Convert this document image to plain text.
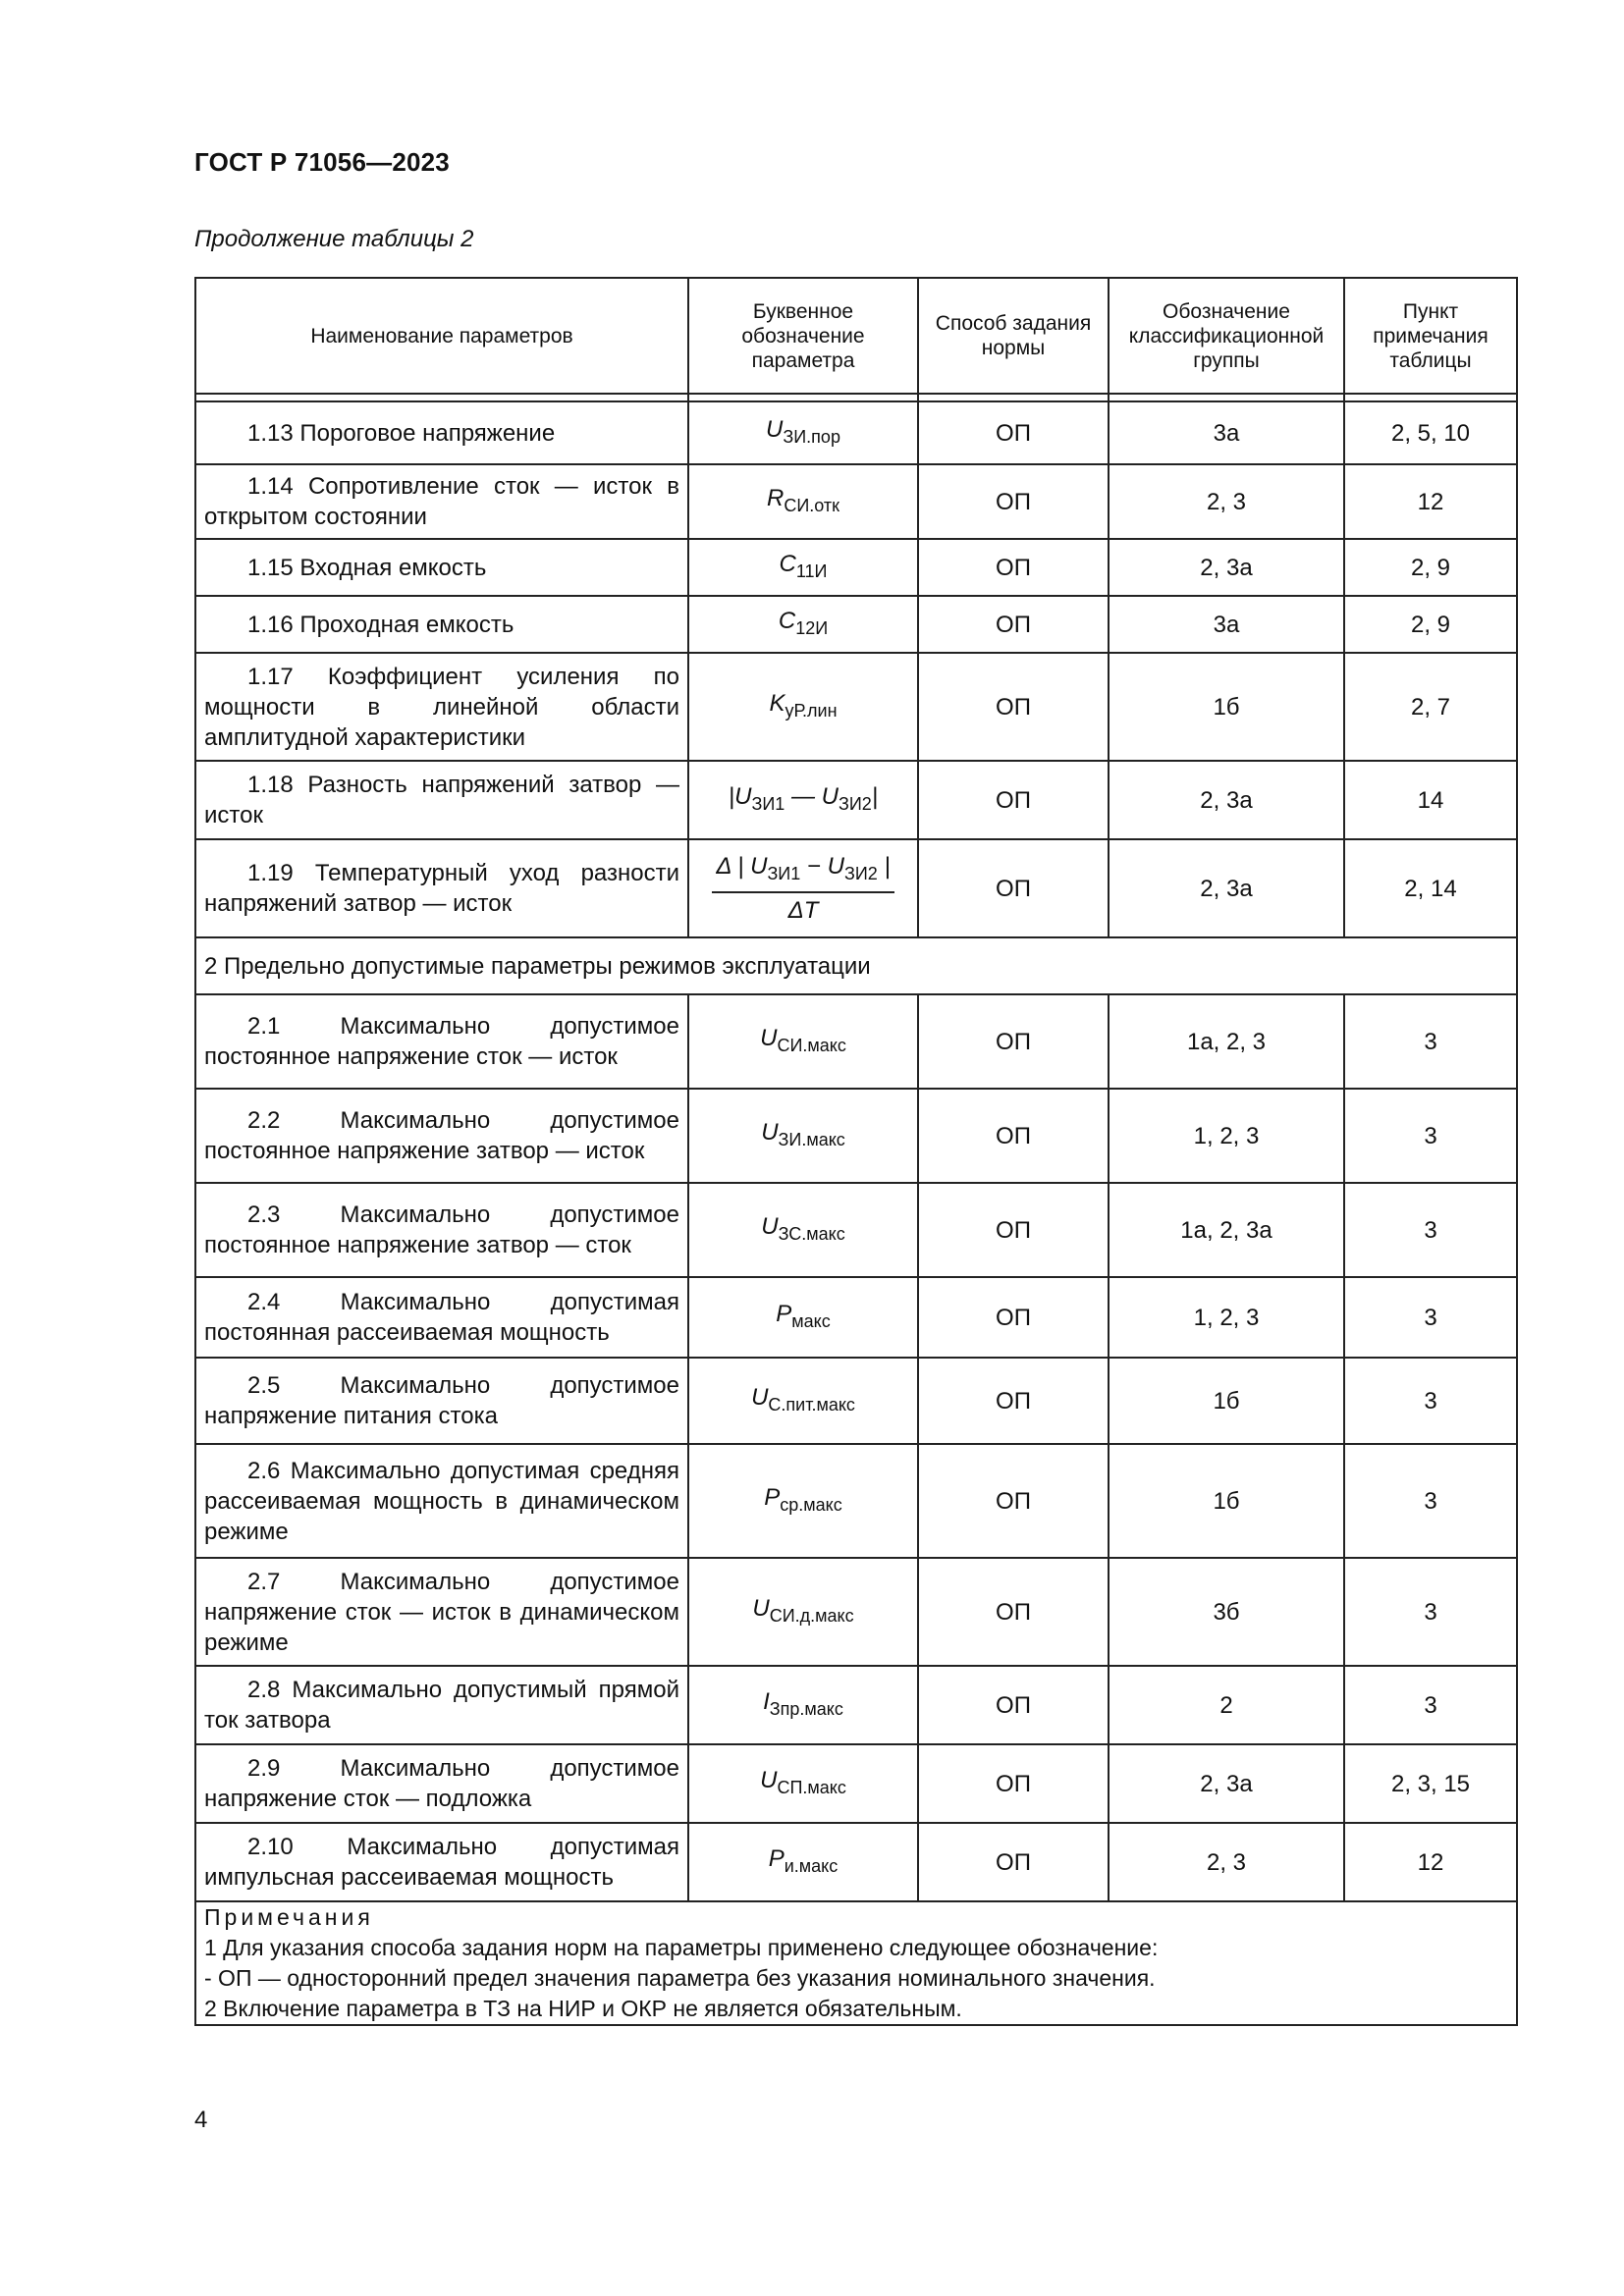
ГОСТ Р 71056—2023
Продолжение таблицы 2
Наименование параметров	Буквенное обозначение параметра	Способ задания нормы	Обозначение классификационной группы	Пункт примечания таблицы

1.13 Пороговое напряжение	$U_{ЗИ.пор}$	ОП	3а	2, 5, 10
1.14 Сопротивление сток — исток в открытом состоянии	$R_{СИ.отк}$	ОП	2, 3	12
1.15 Входная емкость	$C_{11И}$	ОП	2, 3а	2, 9
1.16 Проходная емкость	$C_{12И}$	ОП	3а	2, 9
1.17 Коэффициент усиления по мощности в линейной области амплитудной характеристики	$K_{уР.лин}$	ОП	1б	2, 7
1.18 Разность напряжений затвор — исток	$|U_{ЗИ1}$ — $U_{ЗИ2}|$	ОП	2, 3а	14
1.19 Температурный уход разности напряжений затвор — исток	$\frac{\Delta | U_{ЗИ1} - U_{ЗИ2} |}{\Delta T}$	ОП	2, 3а	2, 14
2 Предельно допустимые параметры режимов эксплуатации				
2.1 Максимально допустимое постоянное напряжение сток — исток	$U_{СИ.макс}$	ОП	1а, 2, 3	3
2.2 Максимально допустимое постоянное напряжение затвор — исток	$U_{ЗИ.макс}$	ОП	1, 2, 3	3
2.3 Максимально допустимое постоянное напряжение затвор — сток	$U_{ЗС.макс}$	ОП	1а, 2, 3а	3
2.4 Максимально допустимая постоянная рассеиваемая мощность	$P_{макс}$	ОП	1, 2, 3	3
2.5 Максимально допустимое напряжение питания стока	$U_{С.пит.макс}$	ОП	1б	3
2.6 Максимально допустимая средняя рассеиваемая мощность в динамическом режиме	$P_{ср.макс}$	ОП	1б	3
2.7 Максимально допустимое напряжение сток — исток в динамическом режиме	$U_{СИ.д.макс}$	ОП	3б	3
2.8 Максимально допустимый прямой ток затвора	$I_{Зпр.макс}$	ОП	2	3
2.9 Максимально допустимое напряжение сток — подложка	$U_{СП.макс}$	ОП	2, 3а	2, 3, 15
2.10 Максимально допустимая импульсная рассеиваемая мощность	$P_{и.макс}$	ОП	2, 3	12

Примечания
1 Для указания способа задания норм на параметры применено следующее обозначение:
- ОП — односторонний предел значения параметра без указания номинального значения.
2 Включение параметра в ТЗ на НИР и ОКР не является обязательным.				
4
